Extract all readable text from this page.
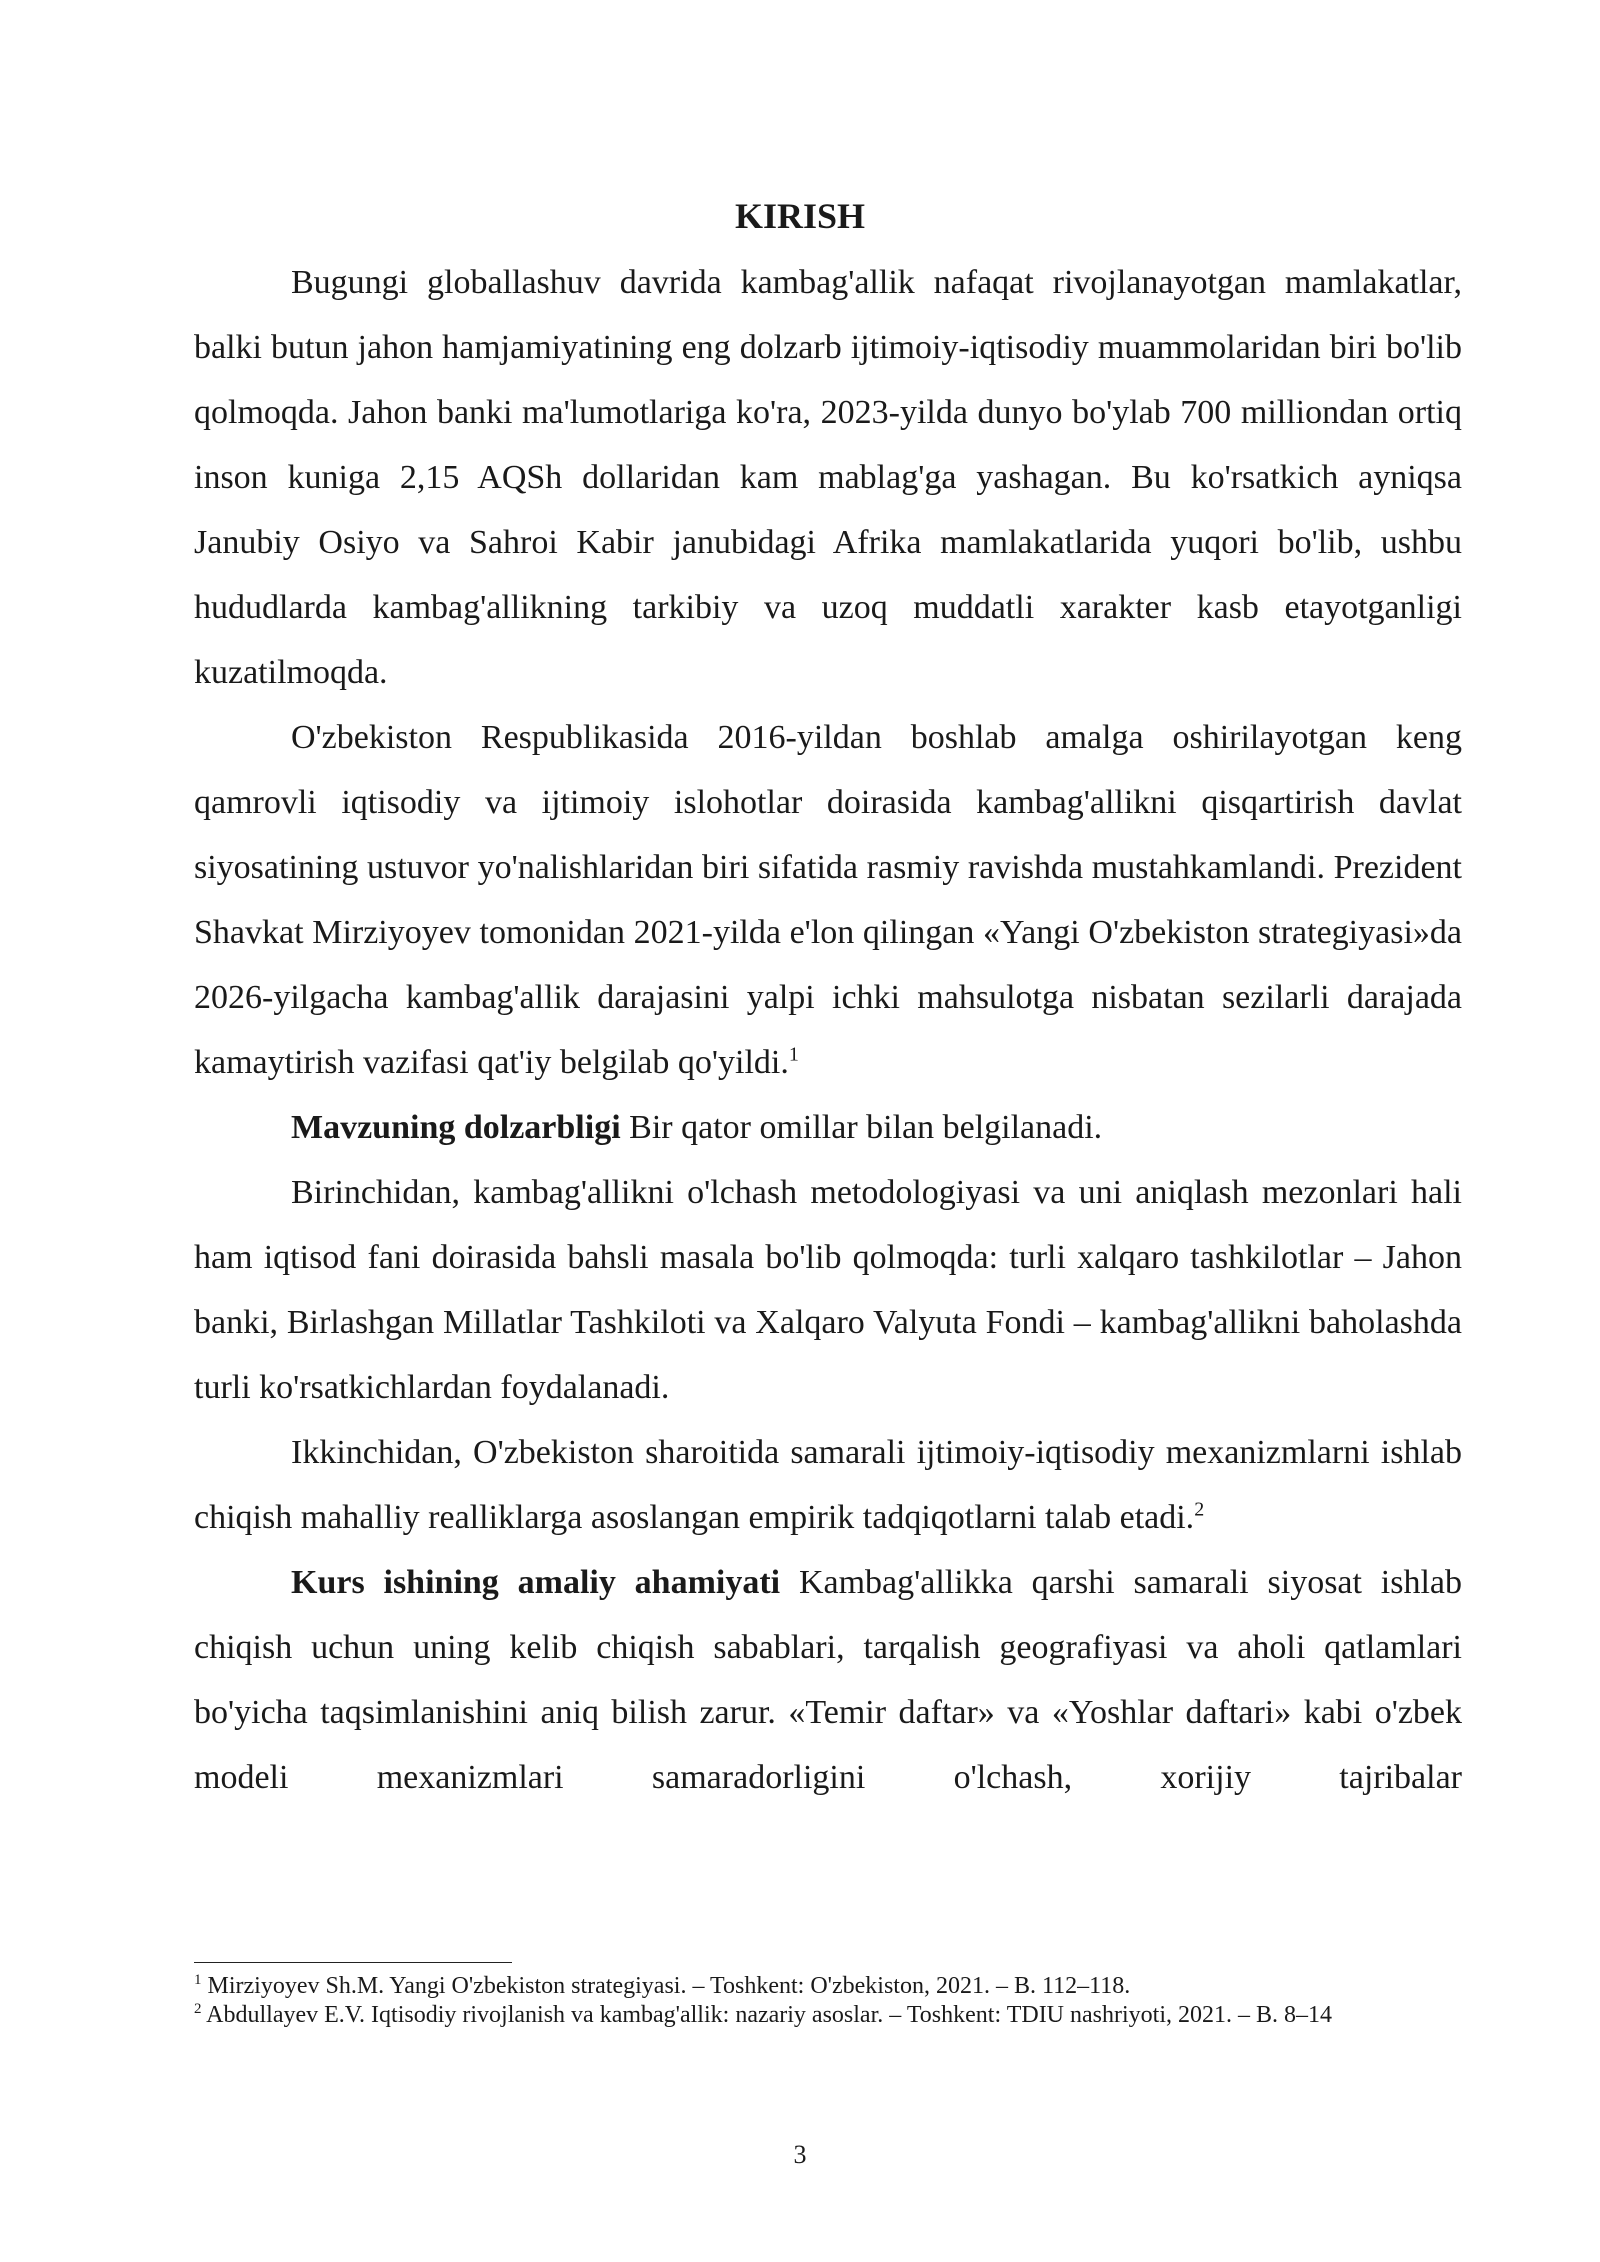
KIRISH

Bugungi globallashuv davrida kambag'allik nafaqat rivojlanayotgan mamlakatlar, balki butun jahon hamjamiyatining eng dolzarb ijtimoiy-iqtisodiy muammolaridan biri bo'lib qolmoqda. Jahon banki ma'lumotlariga ko'ra, 2023-yilda dunyo bo'ylab 700 milliondan ortiq inson kuniga 2,15 AQSh dollaridan kam mablag'ga yashagan. Bu ko'rsatkich ayniqsa Janubiy Osiyo va Sahroi Kabir janubidagi Afrika mamlakatlarida yuqori bo'lib, ushbu hududlarda kambag'allikning tarkibiy va uzoq muddatli xarakter kasb etayotganligi kuzatilmoqda.

O'zbekiston Respublikasida 2016-yildan boshlab amalga oshirilayotgan keng qamrovli iqtisodiy va ijtimoiy islohotlar doirasida kambag'allikni qisqartirish davlat siyosatining ustuvor yo'nalishlaridan biri sifatida rasmiy ravishda mustahkamlandi. Prezident Shavkat Mirziyoyev tomonidan 2021-yilda e'lon qilingan «Yangi O'zbekiston strategiyasi»da 2026-yilgacha kambag'allik darajasini yalpi ichki mahsulotga nisbatan sezilarli darajada kamaytirish vazifasi qat'iy belgilab qo'yildi.$^1$

Mavzuning dolzarbligi Bir qator omillar bilan belgilanadi.

Birinchidan, kambag'allikni o'lchash metodologiyasi va uni aniqlash mezonlari hali ham iqtisod fani doirasida bahsli masala bo'lib qolmoqda: turli xalqaro tashkilotlar – Jahon banki, Birlashgan Millatlar Tashkiloti va Xalqaro Valyuta Fondi – kambag'allikni baholashda turli ko'rsatkichlardan foydalanadi.

Ikkinchidan, O'zbekiston sharoitida samarali ijtimoiy-iqtisodiy mexanizmlarni ishlab chiqish mahalliy realliklarga asoslangan empirik tadqiqotlarni talab etadi.$^2$

Kurs ishining amaliy ahamiyati Kambag'allikka qarshi samarali siyosat ishlab chiqish uchun uning kelib chiqish sabablari, tarqalish geografiyasi va aholi qatlamlari bo'yicha taqsimlanishini aniq bilish zarur. «Temir daftar» va «Yoshlar daftari» kabi o'zbek modeli mexanizmlari samaradorligini o'lchash, xorijiy tajribalar

$^1$ Mirziyoyev Sh.M. Yangi O'zbekiston strategiyasi. – Toshkent: O'zbekiston, 2021. – B. 112–118.

$^2$ Abdullayev E.V. Iqtisodiy rivojlanish va kambag'allik: nazariy asoslar. – Toshkent: TDIU nashriyoti, 2021. – B. 8–14

3
